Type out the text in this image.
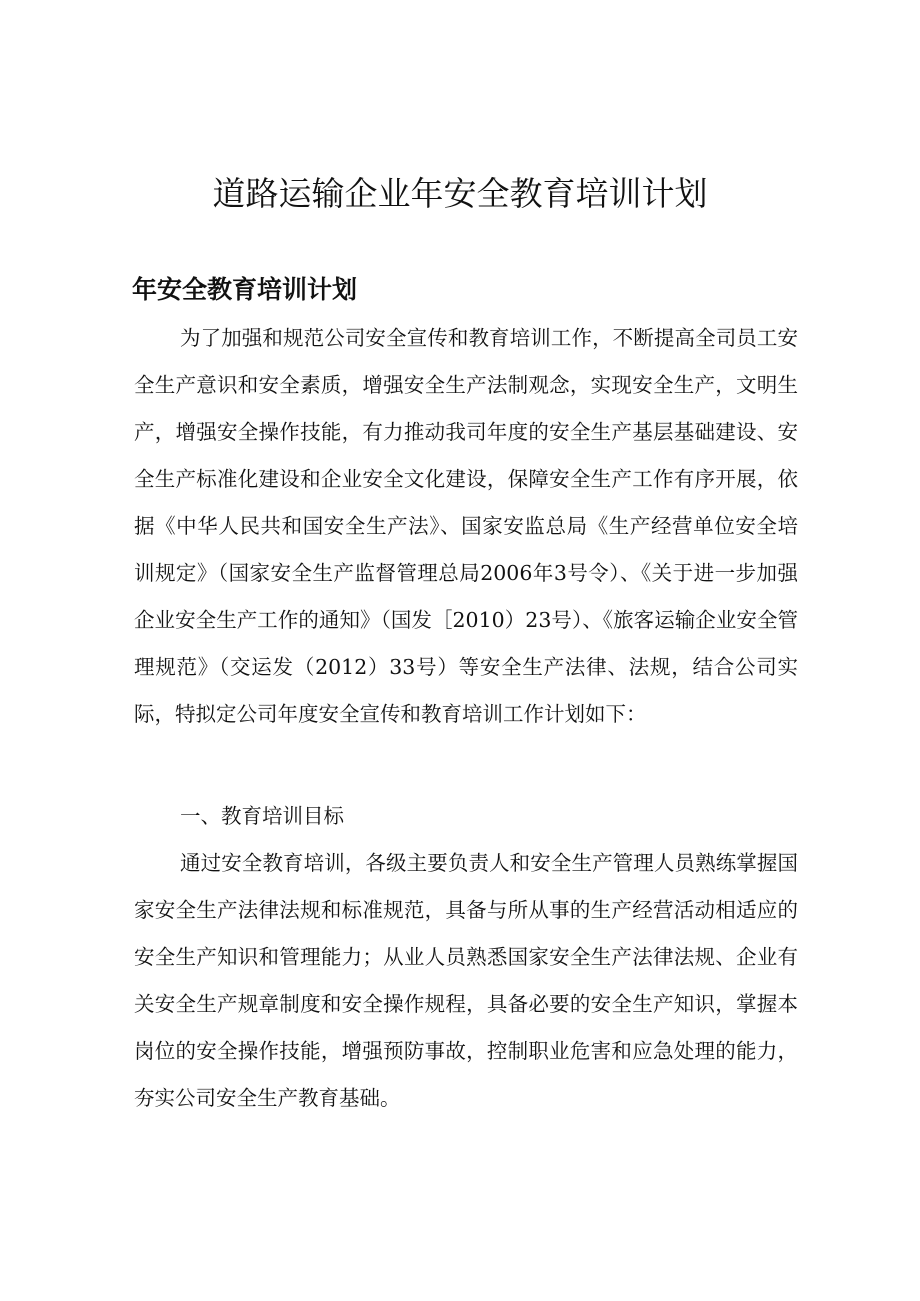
道路运输企业年安全教育培训计划
年安全教育培训计划

为了加强和规范公司安全宣传和教育培训工作，不断提高全司员工安全生产意识和安全素质，增强安全生产法制观念，实现安全生产，文明生产，增强安全操作技能，有力推动我司年度的安全生产基层基础建设、安全生产标准化建设和企业安全文化建设，保障安全生产工作有序开展，依据《中华人民共和国安全生产法》、国家安监总局《生产经营单位安全培训规定》（国家安全生产监督管理总局2006年3号令）、《关于进一步加强企业安全生产工作的通知》（国发［2010）23号）、《旅客运输企业安全管理规范》（交运发（2012）33号）等安全生产法律、法规，结合公司实际，特拟定公司年度安全宣传和教育培训工作计划如下：

一、教育培训目标

通过安全教育培训，各级主要负责人和安全生产管理人员熟练掌握国家安全生产法律法规和标准规范，具备与所从事的生产经营活动相适应的安全生产知识和管理能力；从业人员熟悉国家安全生产法律法规、企业有关安全生产规章制度和安全操作规程，具备必要的安全生产知识，掌握本岗位的安全操作技能，增强预防事故，控制职业危害和应急处理的能力，夯实公司安全生产教育基础。
